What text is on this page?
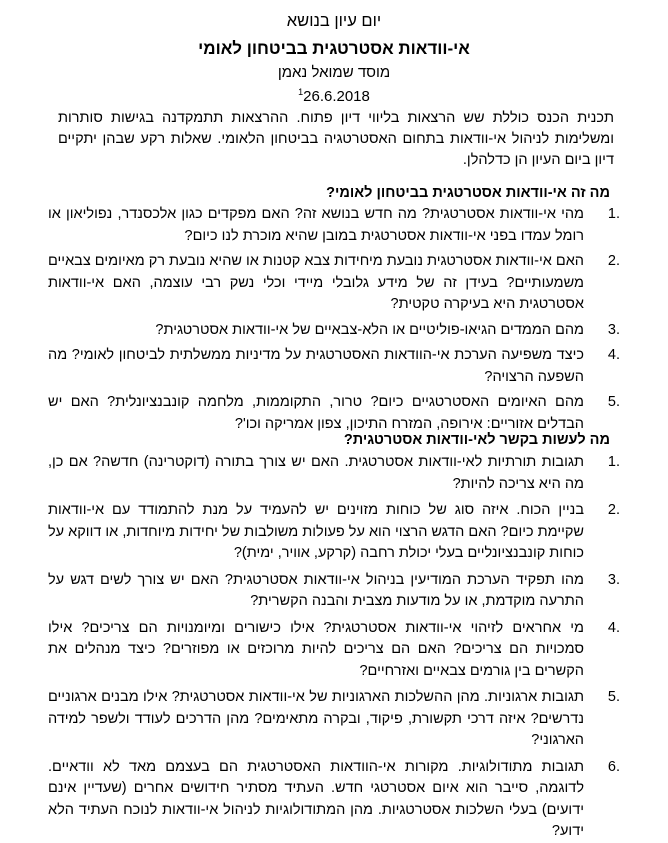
יום עיון בנושא
אי-וודאות אסטרטגית בביטחון לאומי
מוסד שמואל נאמן
$^1$26.6.2018
תכנית הכנס כוללת שש הרצאות בליווי דיון פתוח. ההרצאות תתמקדנה בגישות סותרות ומשלימות לניהול אי-וודאות בתחום האסטרטגיה בביטחון הלאומי. שאלות רקע שבהן יתקיים דיון ביום העיון הן כדלהלן.
מה זה אי-וודאות אסטרטגית בביטחון לאומי?
1.
מהי אי-וודאות אסטרטגית? מה חדש בנושא זה? האם מפקדים כגון אלכסנדר, נפוליאון או רומל עמדו בפני אי-וודאות אסטרטגית במובן שהיא מוכרת לנו כיום?
2.
האם אי-וודאות אסטרטגית נובעת מיחידות צבא קטנות או שהיא נובעת רק מאיומים צבאיים משמעותיים? בעידן זה של מידע גלובלי מיידי וכלי נשק רבי עוצמה, האם אי-וודאות אסטרטגית היא בעיקרה טקטית?
3.
מהם הממדים הגיאו-פוליטיים או הלא-צבאיים של אי-וודאות אסטרטגית?
4.
כיצד משפיעה הערכת אי-הוודאות האסטרטגית על מדיניות ממשלתית לביטחון לאומי? מה השפעה הרצויה?
5.
מהם האיומים האסטרטגיים כיום? טרור, התקוממות, מלחמה קונבנציונלית? האם יש הבדלים אזוריים: אירופה, המזרח התיכון, צפון אמריקה וכו'?
מה לעשות בקשר לאי-וודאות אסטרטגית?
1.
תגובות תורתיות לאי-וודאות אסטרטגית. האם יש צורך בתורה (דוקטרינה) חדשה? אם כן, מה היא צריכה להיות?
2.
בניין הכוח. איזה סוג של כוחות מזוינים יש להעמיד על מנת להתמודד עם אי-וודאות שקיימת כיום? האם הדגש הרצוי הוא על פעולות משולבות של יחידות מיוחדות, או דווקא על כוחות קונבנציונליים בעלי יכולת רחבה (קרקע, אוויר, ימית)?
3.
מהו תפקיד הערכת המודיעין בניהול אי-וודאות אסטרטגית? האם יש צורך לשים דגש על התרעה מוקדמת, או על מודעות מצבית והבנה הקשרית?
4.
מי אחראים לזיהוי אי-וודאות אסטרטגית? אילו כישורים ומיומנויות הם צריכים? אילו סמכויות הם צריכים? האם הם צריכים להיות מרוכזים או מפוזרים? כיצד מנהלים את הקשרים בין גורמים צבאיים ואזרחיים?
5.
תגובות ארגוניות. מהן ההשלכות הארגוניות של אי-וודאות אסטרטגית? אילו מבנים ארגוניים נדרשים? איזה דרכי תקשורת, פיקוד, ובקרה מתאימים? מהן הדרכים לעודד ולשפר למידה הארגוני?
6.
תגובות מתודולוגיות. מקורות אי-הוודאות האסטרטגית הם בעצמם מאד לא וודאיים. לדוגמה, סייבר הוא איום אסטרטגי חדש. העתיד מסתיר חידושים אחרים (שעדיין אינם ידועים) בעלי השלכות אסטרטגיות. מהן המתודולוגיות לניהול אי-וודאות לנוכח העתיד הלא ידוע?
